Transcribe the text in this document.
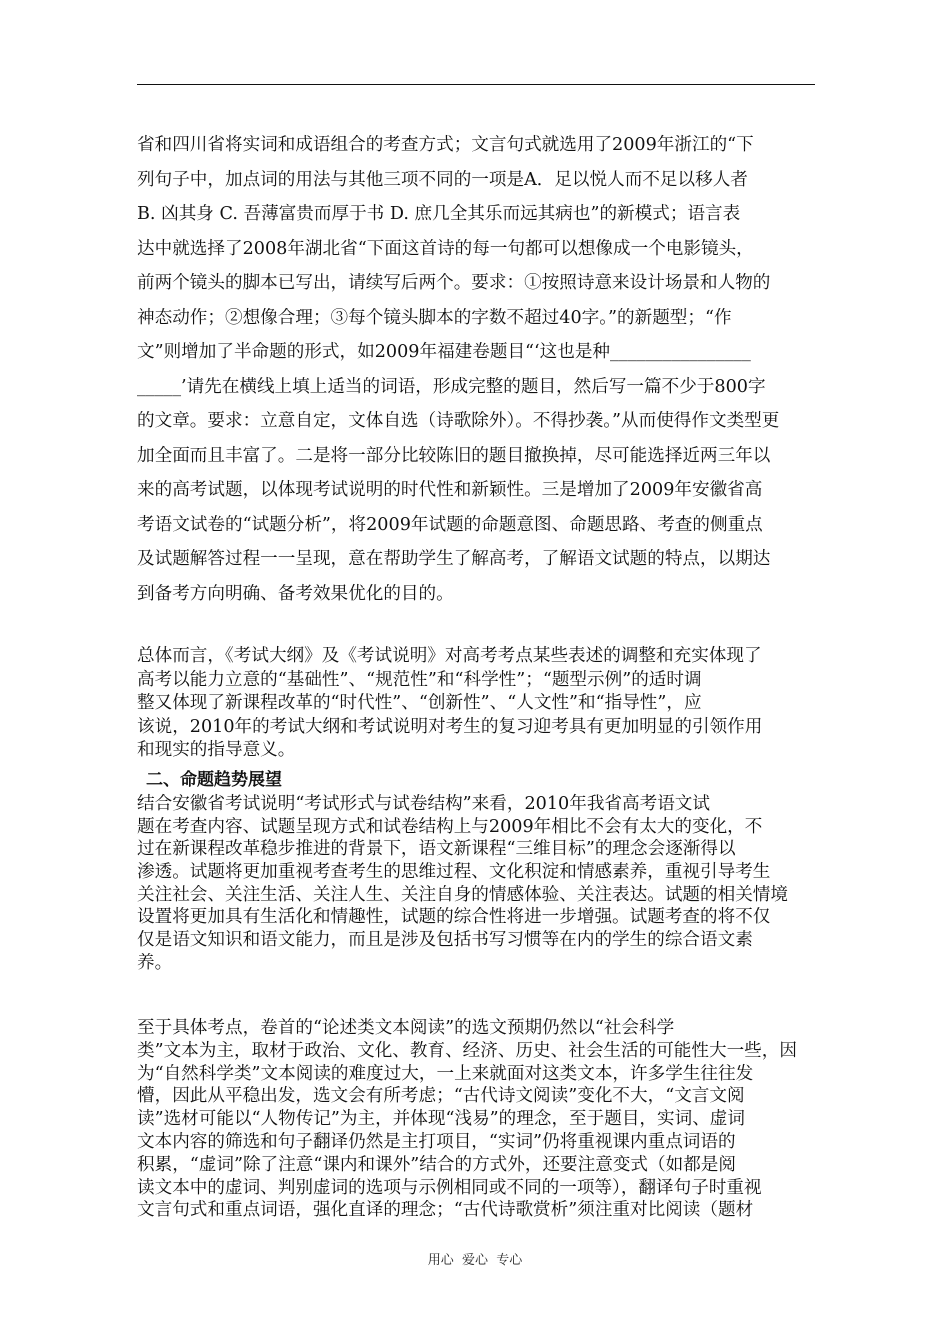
省和四川省将实词和成语组合的考查方式；文言句式就选用了2009年浙江的“下
列句子中，加点词的用法与其他三项不同的一项是A．足以悦人而不足以移人者
B. 凶其身 C. 吾薄富贵而厚于书 D. 庶几全其乐而远其病也”的新模式；语言表
达中就选择了2008年湖北省“下面这首诗的每一句都可以想像成一个电影镜头，
前两个镜头的脚本已写出，请续写后两个。要求：①按照诗意来设计场景和人物的
神态动作；②想像合理；③每个镜头脚本的字数不超过40字。”的新题型；“作
文”则增加了半命题的形式，如2009年福建卷题目“‘这也是种________________
_____’请先在横线上填上适当的词语，形成完整的题目，然后写一篇不少于800字
的文章。要求：立意自定，文体自选（诗歌除外）。不得抄袭。”从而使得作文类型更
加全面而且丰富了。二是将一部分比较陈旧的题目撤换掉，尽可能选择近两三年以
来的高考试题，以体现考试说明的时代性和新颖性。三是增加了2009年安徽省高
考语文试卷的“试题分析”，将2009年试题的命题意图、命题思路、考查的侧重点
及试题解答过程一一呈现，意在帮助学生了解高考，了解语文试题的特点，以期达
到备考方向明确、备考效果优化的目的。
总体而言，《考试大纲》及《考试说明》对高考考点某些表述的调整和充实体现了
高考以能力立意的“基础性”、“规范性”和“科学性”；“题型示例”的适时调
整又体现了新课程改革的“时代性”、“创新性”、“人文性”和“指导性”，应
该说，2010年的考试大纲和考试说明对考生的复习迎考具有更加明显的引领作用
和现实的指导意义。
二、命题趋势展望
结合安徽省考试说明“考试形式与试卷结构”来看，2010年我省高考语文试
题在考查内容、试题呈现方式和试卷结构上与2009年相比不会有太大的变化，不
过在新课程改革稳步推进的背景下，语文新课程“三维目标”的理念会逐渐得以
渗透。试题将更加重视考查考生的思维过程、文化积淀和情感素养，重视引导考生
关注社会、关注生活、关注人生、关注自身的情感体验、关注表达。试题的相关情境
设置将更加具有生活化和情趣性，试题的综合性将进一步增强。试题考查的将不仅
仅是语文知识和语文能力，而且是涉及包括书写习惯等在内的学生的综合语文素
养。
至于具体考点，卷首的“论述类文本阅读”的选文预期仍然以“社会科学
类”文本为主，取材于政治、文化、教育、经济、历史、社会生活的可能性大一些，因
为“自然科学类”文本阅读的难度过大，一上来就面对这类文本，许多学生往往发
懵，因此从平稳出发，选文会有所考虑；“古代诗文阅读”变化不大，“文言文阅
读”选材可能以“人物传记”为主，并体现“浅易”的理念，至于题目，实词、虚词
文本内容的筛选和句子翻译仍然是主打项目，“实词”仍将重视课内重点词语的
积累，“虚词”除了注意“课内和课外”结合的方式外，还要注意变式（如都是阅
读文本中的虚词、判别虚词的选项与示例相同或不同的一项等），翻译句子时重视
文言句式和重点词语，强化直译的理念；“古代诗歌赏析”须注重对比阅读（题材
用心  爱心  专心
